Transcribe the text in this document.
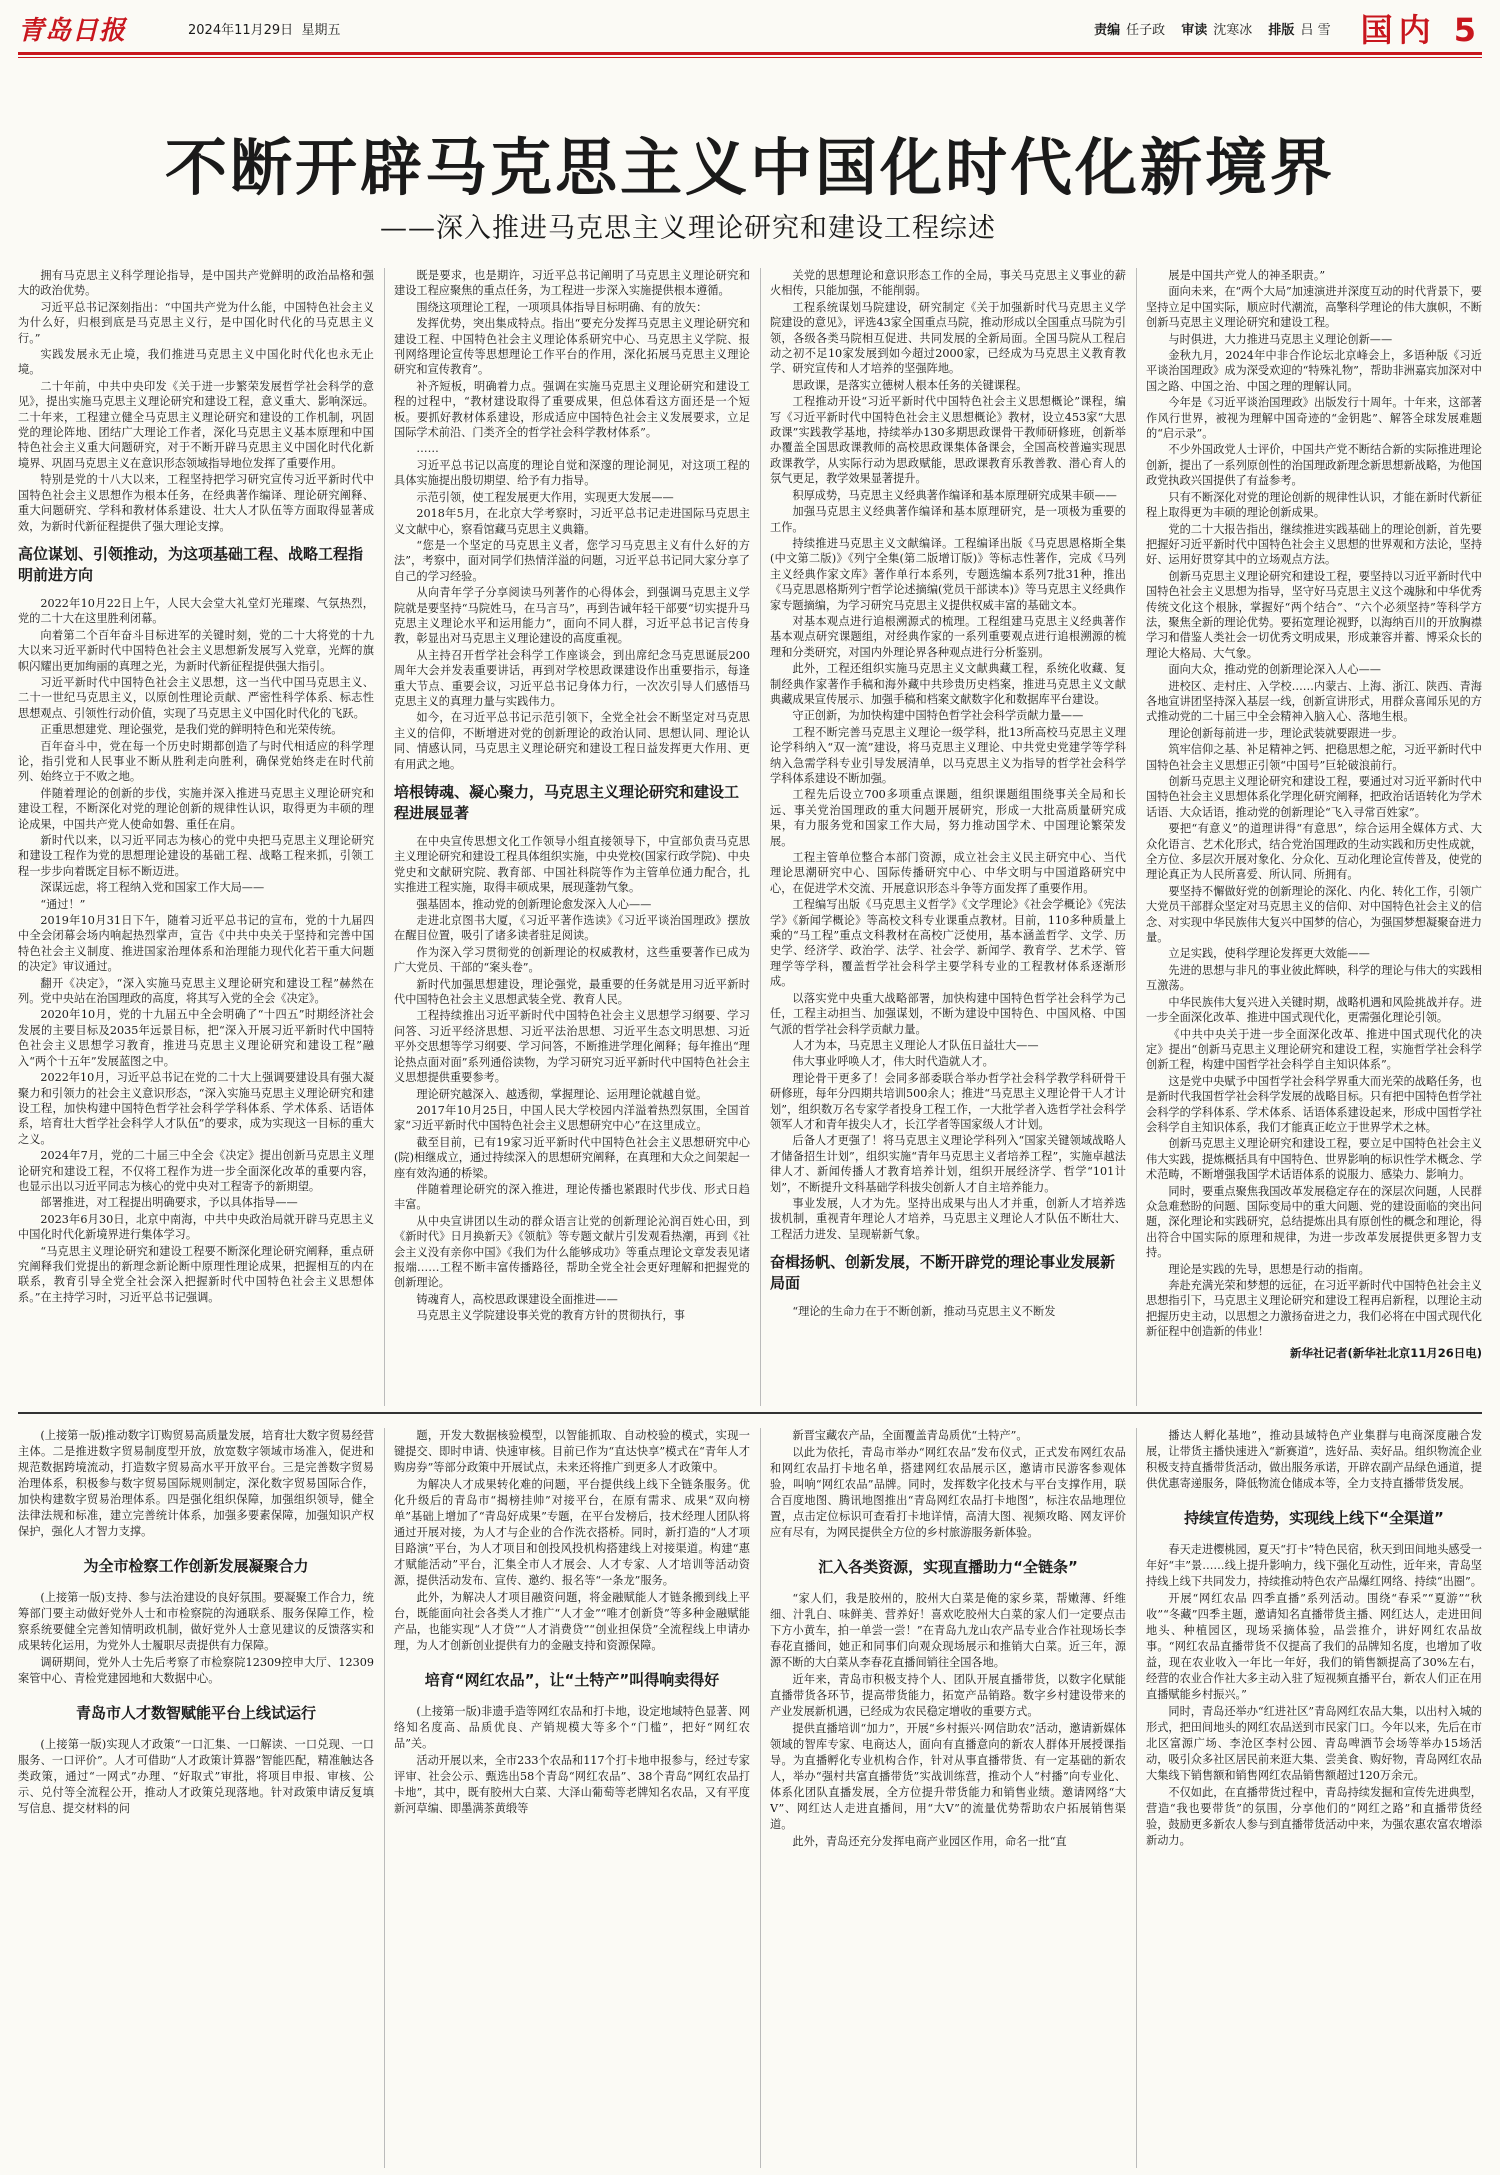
青岛日报	2024年11月29日 星期五	责编 任子政
审读 沈寒冰
排版 吕 雪 国内 5
不断开辟马克思主义中国化时代化新境界
——深入推进马克思主义理论研究和建设工程综述

拥有马克思主义科学理论指导，是中国共产党鲜明的政治品格和强大的政治优势。

习近平总书记深刻指出：“中国共产党为什么能，中国特色社会主义为什么好，归根到底是马克思主义行，是中国化时代化的马克思主义行。”

实践发展永无止境，我们推进马克思主义中国化时代化也永无止境。

二十年前，中共中央印发《关于进一步繁荣发展哲学社会科学的意见》，提出实施马克思主义理论研究和建设工程，意义重大、影响深远。二十年来，工程建立健全马克思主义理论研究和建设的工作机制，巩固党的理论阵地、团结广大理论工作者，深化马克思主义基本原理和中国特色社会主义重大问题研究，对于不断开辟马克思主义中国化时代化新境界、巩固马克思主义在意识形态领域指导地位发挥了重要作用。

特别是党的十八大以来，工程坚持把学习研究宣传习近平新时代中国特色社会主义思想作为根本任务，在经典著作编译、理论研究阐释、重大问题研究、学科和教材体系建设、壮大人才队伍等方面取得显著成效，为新时代新征程提供了强大理论支撑。

高位谋划、引领推动，为这项基础工程、战略工程指明前进方向

2022年10月22日上午，人民大会堂大礼堂灯光璀璨、气氛热烈，党的二十大在这里胜利闭幕。

向着第二个百年奋斗目标进军的关键时刻，党的二十大将党的十九大以来习近平新时代中国特色社会主义思想新发展写入党章，光辉的旗帜闪耀出更加绚丽的真理之光，为新时代新征程提供强大指引。

习近平新时代中国特色社会主义思想，这一当代中国马克思主义、二十一世纪马克思主义，以原创性理论贡献、严密性科学体系、标志性思想观点、引领性行动价值，实现了马克思主义中国化时代化的飞跃。

正重思想建党、理论强党，是我们党的鲜明特色和光荣传统。

百年奋斗中，党在每一个历史时期都创造了与时代相适应的科学理论，指引党和人民事业不断从胜利走向胜利，确保党始终走在时代前列、始终立于不败之地。

伴随着理论的创新的步伐，实施并深入推进马克思主义理论研究和建设工程，不断深化对党的理论创新的规律性认识，取得更为丰硕的理论成果，中国共产党人使命如磐、重任在肩。

新时代以来，以习近平同志为核心的党中央把马克思主义理论研究和建设工程作为党的思想理论建设的基础工程、战略工程来抓，引领工程一步步向着既定目标不断迈进。

深谋远虑，将工程纳入党和国家工作大局——

“通过！”

2019年10月31日下午，随着习近平总书记的宣布，党的十九届四中全会闭幕会场内响起热烈掌声，宣告《中共中央关于坚持和完善中国特色社会主义制度、推进国家治理体系和治理能力现代化若干重大问题的决定》审议通过。

翻开《决定》，“深入实施马克思主义理论研究和建设工程”赫然在列。党中央站在治国理政的高度，将其写入党的全会《决定》。

2020年10月，党的十九届五中全会明确了“十四五”时期经济社会发展的主要目标及2035年远景目标，把“深入开展习近平新时代中国特色社会主义思想学习教育，推进马克思主义理论研究和建设工程”融入“两个十五年”发展蓝图之中。

2022年10月，习近平总书记在党的二十大上强调要建设具有强大凝聚力和引领力的社会主义意识形态，“深入实施马克思主义理论研究和建设工程，加快构建中国特色哲学社会科学学科体系、学术体系、话语体系，培育壮大哲学社会科学人才队伍”的要求，成为实现这一目标的重大之义。

2024年7月，党的二十届三中全会《决定》提出创新马克思主义理论研究和建设工程，不仅将工程作为进一步全面深化改革的重要内容，也显示出以习近平同志为核心的党中央对工程寄予的新期望。

部署推进，对工程提出明确要求，予以具体指导——

2023年6月30日，北京中南海，中共中央政治局就开辟马克思主义中国化时代化新境界进行集体学习。

“马克思主义理论研究和建设工程要不断深化理论研究阐释，重点研究阐释我们党提出的新理念新论断中原理性理论成果，把握相互的内在联系，教育引导全党全社会深入把握新时代中国特色社会主义思想体系。”在主持学习时，习近平总书记强调。

既是要求，也是期许，习近平总书记阐明了马克思主义理论研究和建设工程应聚焦的重点任务，为工程进一步深入实施提供根本遵循。

围绕这项理论工程，一项项具体指导目标明确、有的放矢：

发挥优势，突出集成特点。指出“要充分发挥马克思主义理论研究和建设工程、中国特色社会主义理论体系研究中心、马克思主义学院、报刊网络理论宣传等思想理论工作平台的作用，深化拓展马克思主义理论研究和宣传教育”。

补齐短板，明确着力点。强调在实施马克思主义理论研究和建设工程的过程中，“教材建设取得了重要成果，但总体看这方面还是一个短板。要抓好教材体系建设，形成适应中国特色社会主义发展要求，立足国际学术前沿、门类齐全的哲学社会科学教材体系”。

……

习近平总书记以高度的理论自觉和深邃的理论洞见，对这项工程的具体实施提出殷切期望、给予有力指导。

示范引领，使工程发展更大作用，实现更大发展——

2018年5月，在北京大学考察时，习近平总书记走进国际马克思主义文献中心，察看馆藏马克思主义典籍。

“您是一个坚定的马克思主义者，您学习马克思主义有什么好的方法”，考察中，面对同学们热情洋溢的问题，习近平总书记同大家分享了自己的学习经验。

从向青年学子分享阅读马列著作的心得体会，到强调马克思主义学院就是要坚持“马院姓马，在马言马”，再到告诫年轻干部要“切实提升马克思主义理论水平和运用能力”，面向不同人群，习近平总书记言传身教，彰显出对马克思主义理论建设的高度重视。

从主持召开哲学社会科学工作座谈会，到出席纪念马克思诞辰200周年大会并发表重要讲话，再到对学校思政课建设作出重要指示，每逢重大节点、重要会议，习近平总书记身体力行，一次次引导人们感悟马克思主义的真理力量与实践伟力。

如今，在习近平总书记示范引领下，全党全社会不断坚定对马克思主义的信仰，不断增进对党的创新理论的政治认同、思想认同、理论认同、情感认同，马克思主义理论研究和建设工程日益发挥更大作用、更有用武之地。

培根铸魂、凝心聚力，马克思主义理论研究和建设工程进展显著

在中央宣传思想文化工作领导小组直接领导下，中宣部负责马克思主义理论研究和建设工程具体组织实施，中央党校(国家行政学院)、中央党史和文献研究院、教育部、中国社科院等作为主管单位通力配合，扎实推进工程实施，取得丰硕成果，展现蓬勃气象。

强基固本，推动党的创新理论愈发深入人心——

走进北京图书大厦，《习近平著作选读》《习近平谈治国理政》摆放在醒目位置，吸引了诸多读者驻足阅读。

作为深入学习贯彻党的创新理论的权威教材，这些重要著作已成为广大党员、干部的“案头卷”。

新时代加强思想建设，理论强党，最重要的任务就是用习近平新时代中国特色社会主义思想武装全党、教育人民。

工程持续推出习近平新时代中国特色社会主义思想学习纲要、学习问答、习近平经济思想、习近平法治思想、习近平生态文明思想、习近平外交思想等学习纲要、学习问答，不断推进学理化阐释；每年推出“理论热点面对面”系列通俗读物，为学习研究习近平新时代中国特色社会主义思想提供重要参考。

理论研究越深入、越透彻，掌握理论、运用理论就越自觉。

2017年10月25日，中国人民大学校园内洋溢着热烈氛围，全国首家“习近平新时代中国特色社会主义思想研究中心”在这里成立。

截至目前，已有19家习近平新时代中国特色社会主义思想研究中心(院)相继成立，通过持续深入的思想研究阐释，在真理和大众之间架起一座有效沟通的桥梁。

伴随着理论研究的深入推进，理论传播也紧跟时代步伐、形式日趋丰富。

从中央宣讲团以生动的群众语言让党的创新理论沁润百姓心田，到《新时代》日月换新天》《领航》等专题文献片引发观看热潮，再到《社会主义没有亲你中国》《我们为什么能够成功》等重点理论文章发表见诸报端……工程不断丰富传播路径，帮助全党全社会更好理解和把握党的创新理论。

铸魂育人，高校思政课建设全面推进——

马克思主义学院建设事关党的教育方针的贯彻执行，事

关党的思想理论和意识形态工作的全局，事关马克思主义事业的薪火相传，只能加强，不能削弱。

工程系统谋划马院建设，研究制定《关于加强新时代马克思主义学院建设的意见》，评选43家全国重点马院，推动形成以全国重点马院为引领，各级各类马院相互促进、共同发展的全新局面。全国马院从工程启动之初不足10家发展到如今超过2000家，已经成为马克思主义教育教学、研究宣传和人才培养的坚强阵地。

思政课，是落实立德树人根本任务的关键课程。

工程推动开设“习近平新时代中国特色社会主义思想概论”课程，编写《习近平新时代中国特色社会主义思想概论》教材，设立453家“大思政课”实践教学基地，持续举办130多期思政课骨干教师研修班，创新举办覆盖全国思政课教师的高校思政课集体备课会，全国高校普遍实现思政课教学，从实际行动为思政赋能，思政课教育乐教善教、潜心育人的氛气更足，教学效果显著提升。

积厚成势，马克思主义经典著作编译和基本原理研究成果丰硕——

加强马克思主义经典著作编译和基本原理研究，是一项极为重要的工作。

持续推进马克思主义文献编译。工程编译出版《马克思恩格斯全集(中文第二版)》《列宁全集(第二版增订版)》等标志性著作，完成《马列主义经典作家文库》著作单行本系列，专题选编本系列7批31种，推出《马克思恩格斯列宁哲学论述摘编(党员干部读本)》等马克思主义经典作家专题摘编，为学习研究马克思主义提供权威丰富的基础文本。

对基本观点进行追根溯源式的梳理。工程组建马克思主义经典著作基本观点研究课题组，对经典作家的一系列重要观点进行追根溯源的梳理和分类研究，对国内外理论界各种观点进行分析鉴别。

此外，工程还组织实施马克思主义文献典藏工程，系统化收藏、复制经典作家著作手稿和海外藏中共珍贵历史档案，推进马克思主义文献典藏成果宣传展示、加强手稿和档案文献数字化和数据库平台建设。

守正创新，为加快构建中国特色哲学社会科学贡献力量——

工程不断完善马克思主义理论一级学科，批13所高校马克思主义理论学科纳入“双一流”建设，将马克思主义理论、中共党史党建学等学科纳入急需学科专业引导发展清单，以马克思主义为指导的哲学社会科学学科体系建设不断加强。

工程先后设立700多项重点课题，组织课题组围绕事关全局和长远、事关党治国理政的重大问题开展研究，形成一大批高质量研究成果，有力服务党和国家工作大局，努力推动国学术、中国理论繁荣发展。

工程主管单位整合本部门资源，成立社会主义民主研究中心、当代理论思潮研究中心、国际传播研究中心、中华文明与中国道路研究中心，在促进学术交流、开展意识形态斗争等方面发挥了重要作用。

工程编写出版《马克思主义哲学》《文学理论》《社会学概论》《宪法学》《新闻学概论》等高校文科专业课重点教材。目前，110多种质量上乘的“马工程”重点文科教材在高校广泛使用，基本涵盖哲学、文学、历史学、经济学、政治学、法学、社会学、新闻学、教育学、艺术学、管理学等学科，覆盖哲学社会科学主要学科专业的工程教材体系逐渐形成。

以落实党中央重大战略部署，加快构建中国特色哲学社会科学为己任，工程主动担当、加强谋划，不断为建设中国特色、中国风格、中国气派的哲学社会科学贡献力量。

人才为本，马克思主义理论人才队伍日益壮大——

伟大事业呼唤人才，伟大时代造就人才。

理论骨干更多了！会同多部委联合举办哲学社会科学教学科研骨干研修班，每年分四期共培训500余人；推进“马克思主义理论骨干人才计划”，组织数万名专家学者投身工程工作，一大批学者入选哲学社会科学领军人才和青年拔尖人才，长江学者等国家级人才计划。

后备人才更强了！将马克思主义理论学科列入“国家关键领域战略人才储备招生计划”，组织实施“青年马克思主义者培养工程”，实施卓越法律人才、新闻传播人才教育培养计划，组织开展经济学、哲学“101计划”，不断提升文科基础学科拔尖创新人才自主培养能力。

事业发展，人才为先。坚持出成果与出人才并重，创新人才培养选拔机制，重视青年理论人才培养，马克思主义理论人才队伍不断壮大、工程活力进发、呈现崭新气象。

奋楫扬帆、创新发展，不断开辟党的理论事业发展新局面

“理论的生命力在于不断创新，推动马克思主义不断发

展是中国共产党人的神圣职责。”

面向未来，在“两个大局”加速演进并深度互动的时代背景下，要坚持立足中国实际，顺应时代潮流，高擎科学理论的伟大旗帜，不断创新马克思主义理论研究和建设工程。

与时俱进，大力推进马克思主义理论创新——

金秋九月，2024年中非合作论坛北京峰会上，多语种版《习近平谈治国理政》成为深受欢迎的“特殊礼物”，帮助非洲嘉宾加深对中国之路、中国之治、中国之理的理解认同。

今年是《习近平谈治国理政》出版发行十周年。十年来，这部著作风行世界，被视为理解中国奇迹的“金钥匙”、解答全球发展难题的“启示录”。

不少外国政党人士评价，中国共产党不断结合新的实际推进理论创新，提出了一系列原创性的治国理政新理念新思想新战略，为他国政党执政兴国提供了有益参考。

只有不断深化对党的理论创新的规律性认识，才能在新时代新征程上取得更为丰硕的理论创新成果。

党的二十大报告指出，继续推进实践基础上的理论创新，首先要把握好习近平新时代中国特色社会主义思想的世界观和方法论，坚持好、运用好贯穿其中的立场观点方法。

创新马克思主义理论研究和建设工程，要坚持以习近平新时代中国特色社会主义思想为指导，坚守好马克思主义这个魂脉和中华优秀传统文化这个根脉，掌握好“两个结合”、“六个必须坚持”等科学方法，聚焦全新的理论优势。要拓宽理论视野，以海纳百川的开放胸襟学习和借鉴人类社会一切优秀文明成果，形成兼容并蓄、博采众长的理论大格局、大气象。

面向大众，推动党的创新理论深入人心——

进校区、走村庄、入学校……内蒙古、上海、浙江、陕西、青海各地宣讲团坚持深入基层一线，创新宣讲形式，用群众喜闻乐见的方式推动党的二十届三中全会精神入脑入心、落地生根。

理论创新每前进一步，理论武装就要跟进一步。

筑牢信仰之基、补足精神之钙、把稳思想之舵，习近平新时代中国特色社会主义思想正引领“中国号”巨轮破浪前行。

创新马克思主义理论研究和建设工程，要通过对习近平新时代中国特色社会主义思想体系化学理化研究阐释，把政治话语转化为学术话语、大众话语，推动党的创新理论“飞入寻常百姓家”。

要把“有意义”的道理讲得“有意思”，综合运用全媒体方式、大众化语言、艺术化形式，结合党治国理政的生动实践和历史性成就，全方位、多层次开展对象化、分众化、互动化理论宣传普及，使党的理论真正为人民所喜爱、所认同、所拥有。

要坚持不懈做好党的创新理论的深化、内化、转化工作，引领广大党员干部群众坚定对马克思主义的信仰、对中国特色社会主义的信念、对实现中华民族伟大复兴中国梦的信心，为强国梦想凝聚奋进力量。

立足实践，使科学理论发挥更大效能——

先进的思想与非凡的事业彼此辉映，科学的理论与伟大的实践相互激荡。

中华民族伟大复兴进入关键时期，战略机遇和风险挑战并存。进一步全面深化改革、推进中国式现代化，更需强化理论引领。

《中共中央关于进一步全面深化改革、推进中国式现代化的决定》提出“创新马克思主义理论研究和建设工程，实施哲学社会科学创新工程，构建中国哲学社会科学自主知识体系”。

这是党中央赋予中国哲学社会科学界重大而光荣的战略任务，也是新时代我国哲学社会科学发展的战略目标。只有把中国特色哲学社会科学的学科体系、学术体系、话语体系建设起来，形成中国哲学社会科学自主知识体系，我们才能真正屹立于世界学术之林。

创新马克思主义理论研究和建设工程，要立足中国特色社会主义伟大实践，提炼概括具有中国特色、世界影响的标识性学术概念、学术范畴，不断增强我国学术话语体系的说服力、感染力、影响力。

同时，要重点聚焦我国改革发展稳定存在的深层次问题，人民群众急难愁盼的问题、国际变局中的重大问题、党的建设面临的突出问题，深化理论和实践研究，总结提炼出具有原创性的概念和理论，得出符合中国实际的原理和规律，为进一步改革发展提供更多智力支持。

理论是实践的先导，思想是行动的指南。

奔赴充满光荣和梦想的远征，在习近平新时代中国特色社会主义思想指引下，马克思主义理论研究和建设工程再启新程，以理论主动把握历史主动，以思想之力激扬奋进之力，我们必将在中国式现代化新征程中创造新的伟业！

新华社记者(新华社北京11月26日电)

(上接第一版)推动数字订购贸易高质量发展，培育壮大数字贸易经营主体。二是推进数字贸易制度型开放，放宽数字领域市场准入，促进和规范数据跨境流动，打造数字贸易高水平开放平台。三是完善数字贸易治理体系，积极参与数字贸易国际规则制定，深化数字贸易国际合作，加快构建数字贸易治理体系。四是强化组织保障，加强组织领导，健全法律法规和标准，建立完善统计体系，加强多要素保障，加强知识产权保护，强化人才智力支撑。

为全市检察工作创新发展凝聚合力

(上接第一版)支持、参与法治建设的良好氛围。要凝聚工作合力，统筹部门要主动做好党外人士和市检察院的沟通联系、服务保障工作，检察系统要健全完善知情明政机制，做好党外人士意见建议的反馈落实和成果转化运用，为党外人士履职尽责提供有力保障。

调研期间，党外人士先后考察了市检察院12309控申大厅、12309案管中心、青检党建园地和大数据中心。

青岛市人才数智赋能平台上线试运行

(上接第一版)实现人才政策“一口汇集、一口解读、一口兑现、一口服务、一口评价”。人才可借助“人才政策计算器”智能匹配，精准触达各类政策，通过“一网式”办理、“好取式”审批，将项目申报、审核、公示、兑付等全流程公开，推动人才政策兑现落地。针对政策申请反复填写信息、提交材料的问

题，开发大数据核验模型，以智能抓取、自动校验的模式，实现一键提交、即时申请、快速审核。目前已作为“直达快享”模式在“青年人才购房券”等部分政策中开展试点，未来还将推广到更多人才政策中。

为解决人才成果转化难的问题，平台提供线上线下全链条服务。优化升级后的青岛市“揭榜挂帅”对接平台，在原有需求、成果“双向榜单”基础上增加了“青岛好成果”专题，在平台发榜后，技术经理人团队将通过开展对接，为人才与企业的合作洗衣搭桥。同时，新打造的“人才项目路演”平台，为人才项目和创投风投机构搭建线上对接渠道。构建“惠才赋能活动”平台，汇集全市人才展会、人才专家、人才培训等活动资源，提供活动发布、宣传、邀约、报名等“一条龙”服务。

此外，为解决人才项目融资问题，将金融赋能人才链条搬到线上平台，既能面向社会各类人才推广“人才金”“唯才创新贷”等多种金融赋能产品，也能实现“人才贷”“人才消费贷”“创业担保贷”全流程线上申请办理，为人才创新创业提供有力的金融支持和资源保障。

培育“网红农品”，让“土特产”叫得响卖得好

(上接第一版)非遗手造等网红农品和打卡地，设定地域特色显著、网络知名度高、品质优良、产销规模大等多个“门槛”，把好“网红农品”关。

活动开展以来，全市233个农品和117个打卡地申报参与，经过专家评审、社会公示、甄选出58个青岛“网红农品”、38个青岛“网红农品打卡地”，其中，既有胶州大白菜、大泽山葡萄等老牌知名农品，又有平度新河草编、即墨满茶黄缎等

新晋宝藏农产品，全面覆盖青岛质优“土特产”。

以此为依托，青岛市举办“网红农品”发布仪式，正式发布网红农品和网红农品打卡地名单，搭建网红农品展示区，邀请市民游客参观体验，叫响“网红农品”品牌。同时，发挥数字化技术与平台支撑作用，联合百度地图、腾讯地图推出“青岛网红农品打卡地图”，标注农品地理位置，点击定位标识可查看打卡地详情，高清大图、视频攻略、网友评价应有尽有，为网民提供全方位的乡村旅游服务新体验。

汇入各类资源，实现直播助力“全链条”

“家人们，我是胶州的，胶州大白菜是俺的家乡菜，帮嫩薄、纤维细、汁乳白、味鲜美、营养好！喜欢吃胶州大白菜的家人们一定要点击下方小黄车，拍一单尝一尝！”在青岛九龙山农产品专业合作社现场长李春花直播间，她正和同事们向观众现场展示和推销大白菜。近三年，源源不断的大白菜从李春花直播间销往全国各地。

近年来，青岛市积极支持个人、团队开展直播带货，以数字化赋能直播带货各环节，提高带货能力，拓宽产品销路。数字乡村建设带来的产业发展新机遇，已经成为农民稳定增收的重要方式。

提供直播培训“加力”，开展“乡村振兴·网信助农”活动，邀请新媒体领域的智库专家、电商达人，面向有直播意向的新农人群体开展授课指导。为直播孵化专业机构合作，针对从事直播带货、有一定基础的新农人，举办“强村共富直播带货”实战训练营，推动个人“村播”向专业化、体系化团队直播发展，全方位提升带货能力和销售业绩。邀请网络“大V”、网红达人走进直播间，用“大V”的流量优势帮助农户拓展销售渠道。

此外，青岛还充分发挥电商产业园区作用，命名一批“直

播达人孵化基地”，推动县域特色产业集群与电商深度融合发展，让带货主播快速进入“新赛道”，选好品、卖好品。组织物流企业积极支持直播带货活动，做出服务承诺，开辟农副产品绿色通道，提供优惠寄递服务，降低物流仓储成本等，全力支持直播带货发展。

持续宣传造势，实现线上线下“全渠道”

春天走进樱桃园，夏天“打卡”特色民宿，秋天到田间地头感受一年好“丰”景……线上提升影响力，线下强化互动性，近年来，青岛坚持线上线下共同发力，持续推动特色农产品爆红网络、持续“出圈”。

开展“网红农品 四季直播”系列活动。围绕“春采”“夏游”“秋收”“冬藏”四季主题，邀请知名直播带货主播、网红达人，走进田间地头、种植园区，现场采摘体验，品尝推介，讲好网红农品故事。“网红农品直播带货不仅提高了我们的品牌知名度，也增加了收益，现在农业收入一年比一年好，我们的销售额提高了30%左右，经营的农业合作社大多主动入驻了短视频直播平台，新农人们正在用直播赋能乡村振兴。”

同时，青岛还举办“红进社区”青岛网红农品大集，以出村入城的形式，把田间地头的网红农品送到市民家门口。今年以来，先后在市北区富源广场、李沧区李村公园、青岛啤酒节会场等举办15场活动，吸引众多社区居民前来逛大集、尝美食、购好物，青岛网红农品大集线下销售额和销售网红农品销售额超过120万余元。

不仅如此，在直播带货过程中，青岛持续发掘和宣传先进典型，营造“我也要带货”的氛围，分享他们的“网红之路”和直播带货经验，鼓励更多新农人参与到直播带货活动中来，为强农惠农富农增添新动力。
